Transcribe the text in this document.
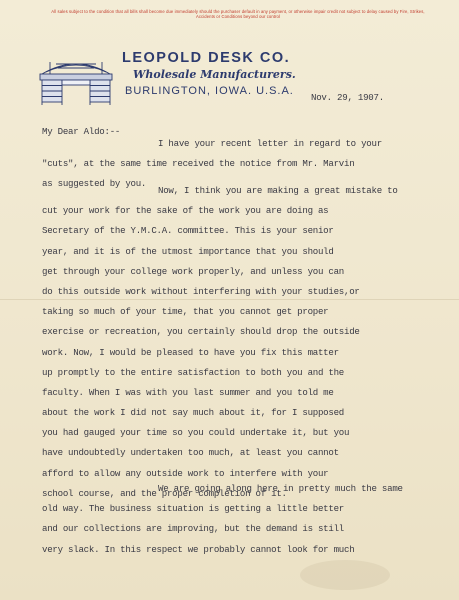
All sales subject to the condition that all bills shall become due immediately should the purchaser default in any payment, or otherwise impair credit not subject to delay caused by Fire, Strikes, Accidents or Conditions beyond our control
LEOPOLD DESK CO.
Wholesale Manufacturers.
BURLINGTON, IOWA. U.S.A.
Nov. 29, 1907.
My Dear Aldo:--
I have your recent letter in regard to your
"cuts", at the same time received the notice from Mr. Marvin
as suggested by you.
Now, I think you are making a great mistake to
cut your work for the sake of the work you are doing as
Secretary of the Y.M.C.A. committee. This is your senior
year, and it is of the utmost importance that you should
get through your college work properly, and unless you can
do this outside work without interfering with your studies,or
taking so much of your time, that you cannot get proper
exercise or recreation, you certainly should drop the outside
work. Now, I would be pleased to have you fix this matter
up promptly to the entire satisfaction to both you and the
faculty. When I was with you last summer and you told me
about the work I did not say much about it, for I supposed
you had gauged your time so you could undertake it, but you
have undoubtedly undertaken too much, at least you cannot
afford to allow any outside work to interfere with your
school course, and the proper completion of it.
We are going along here in pretty much the same
old way. The business situation is getting a little better
and our collections are improving, but the demand is still
very slack. In this respect we probably cannot look for much
